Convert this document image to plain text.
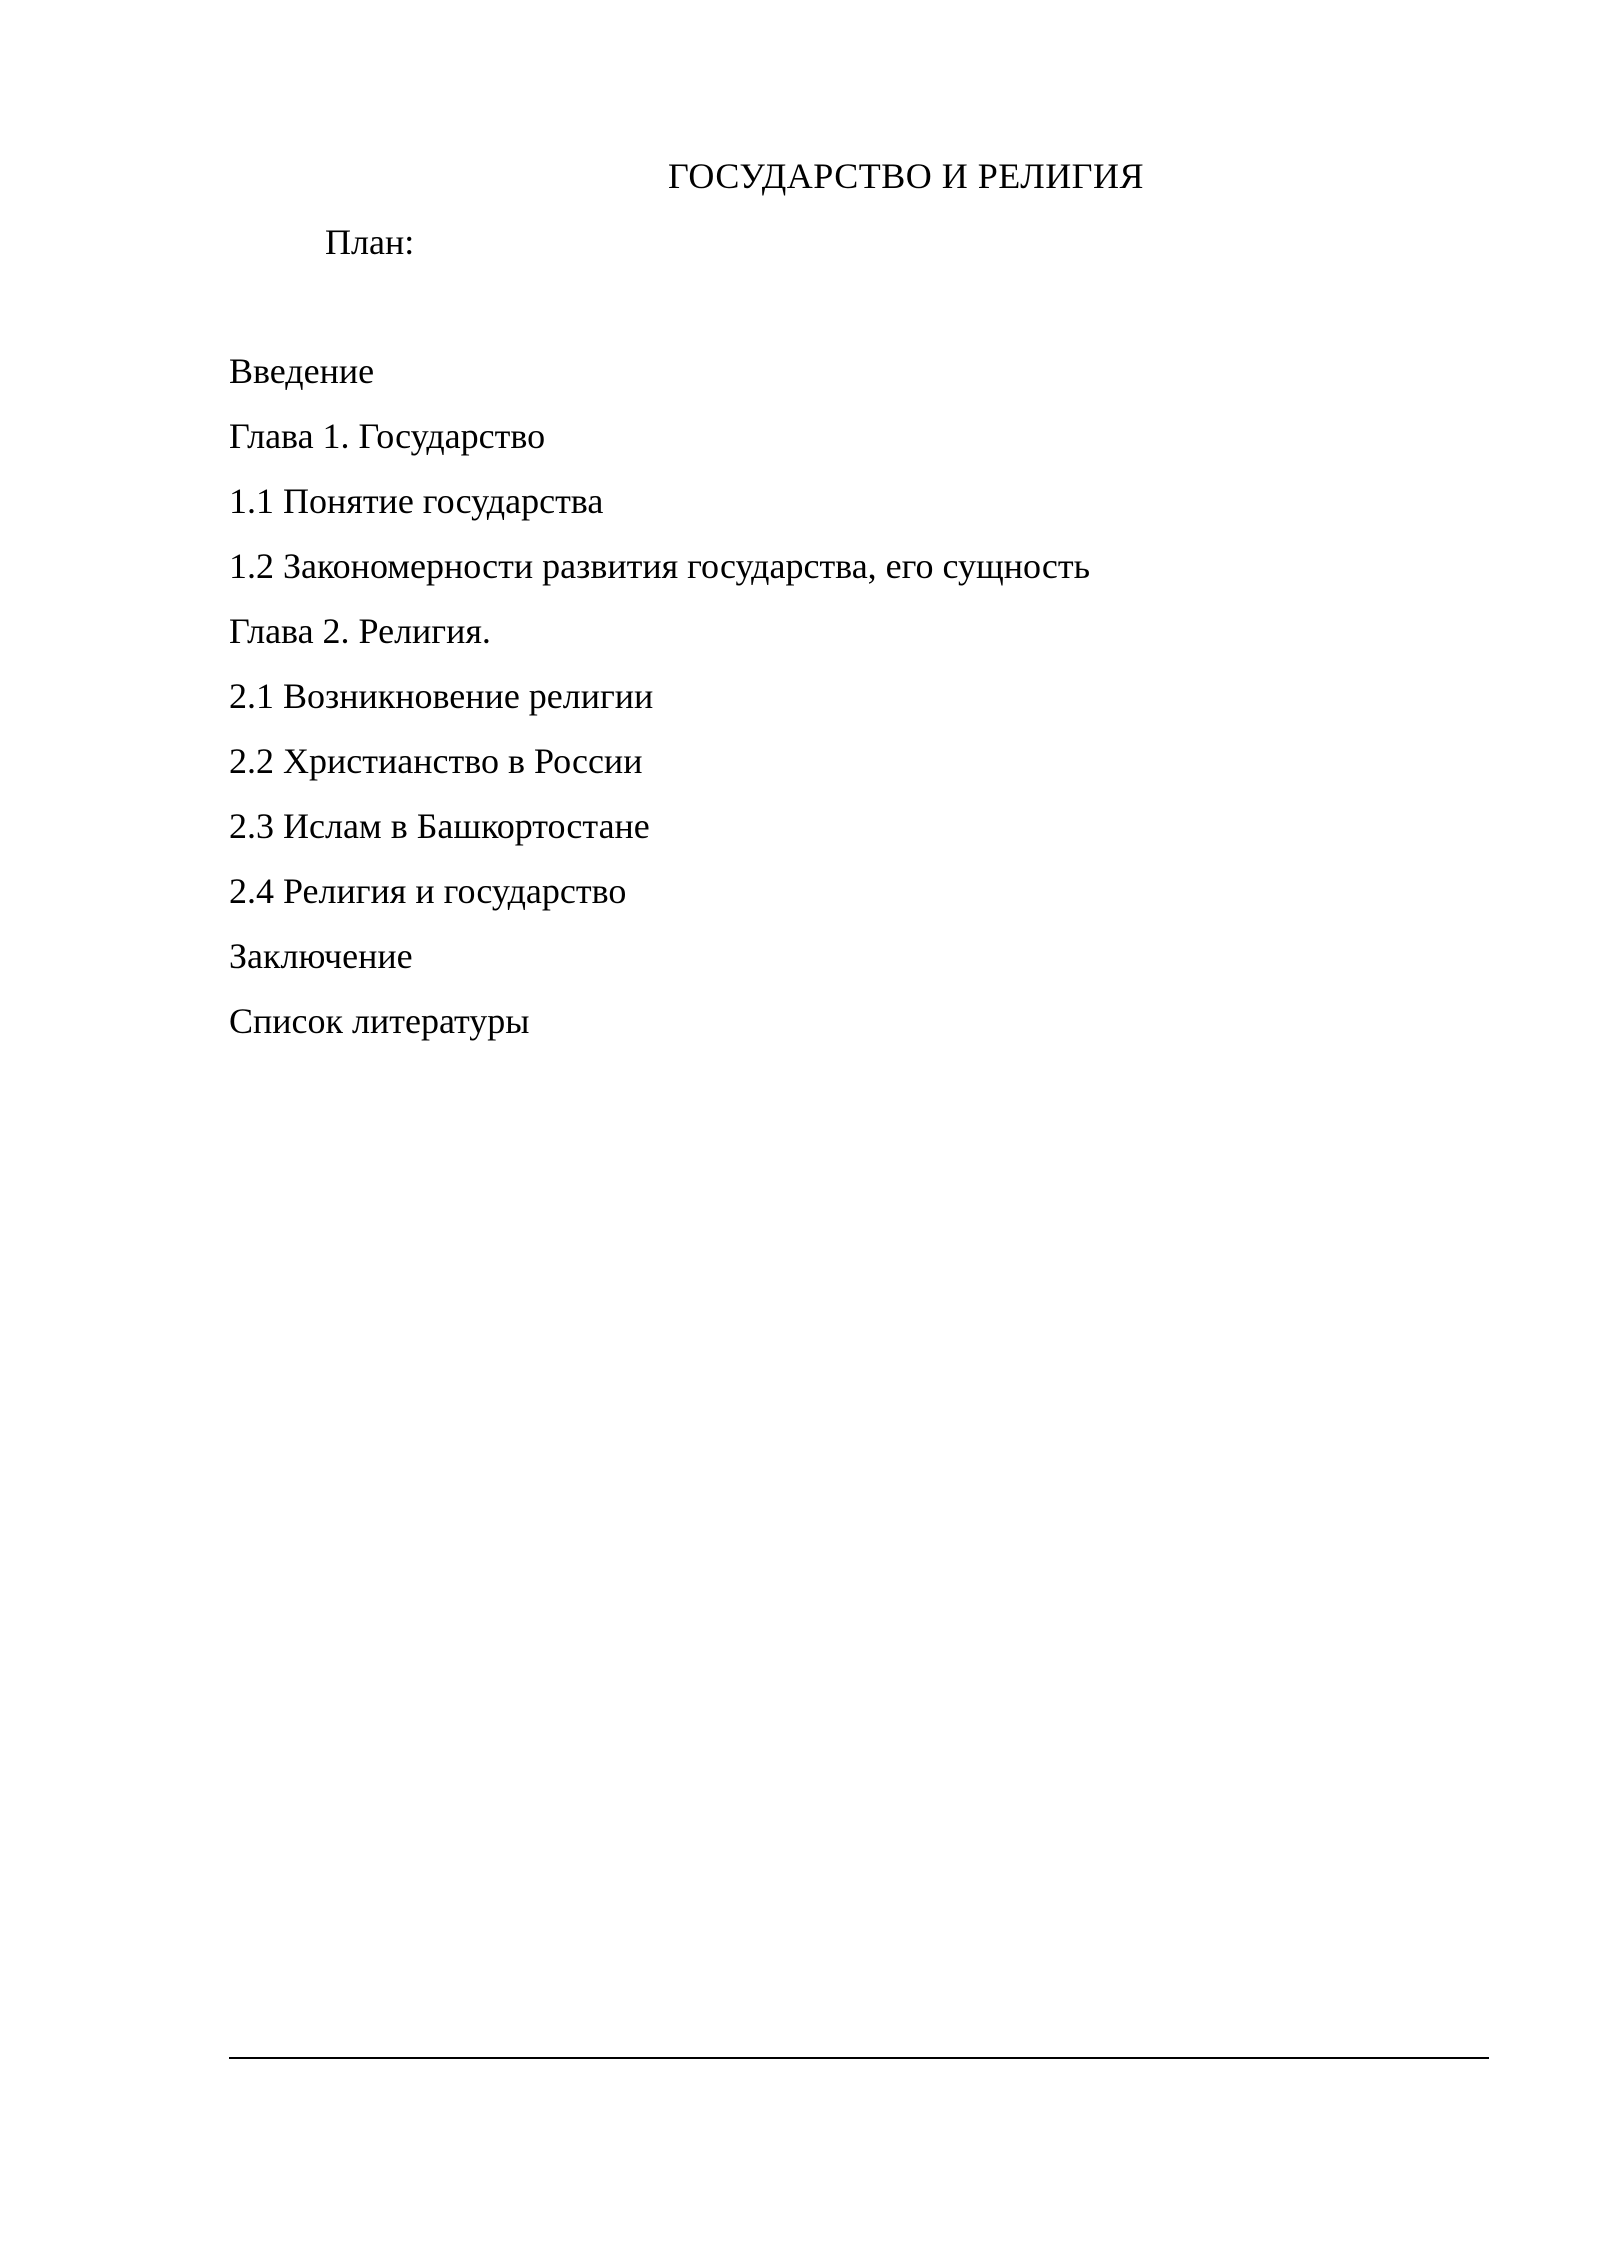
ГОСУДАРСТВО И РЕЛИГИЯ
План:
Введение
Глава 1. Государство
1.1 Понятие государства
1.2 Закономерности развития государства, его сущность
Глава 2. Религия.
2.1 Возникновение религии
2.2 Христианство в России
2.3 Ислам в Башкортостане
2.4 Религия и государство
Заключение
Список литературы
